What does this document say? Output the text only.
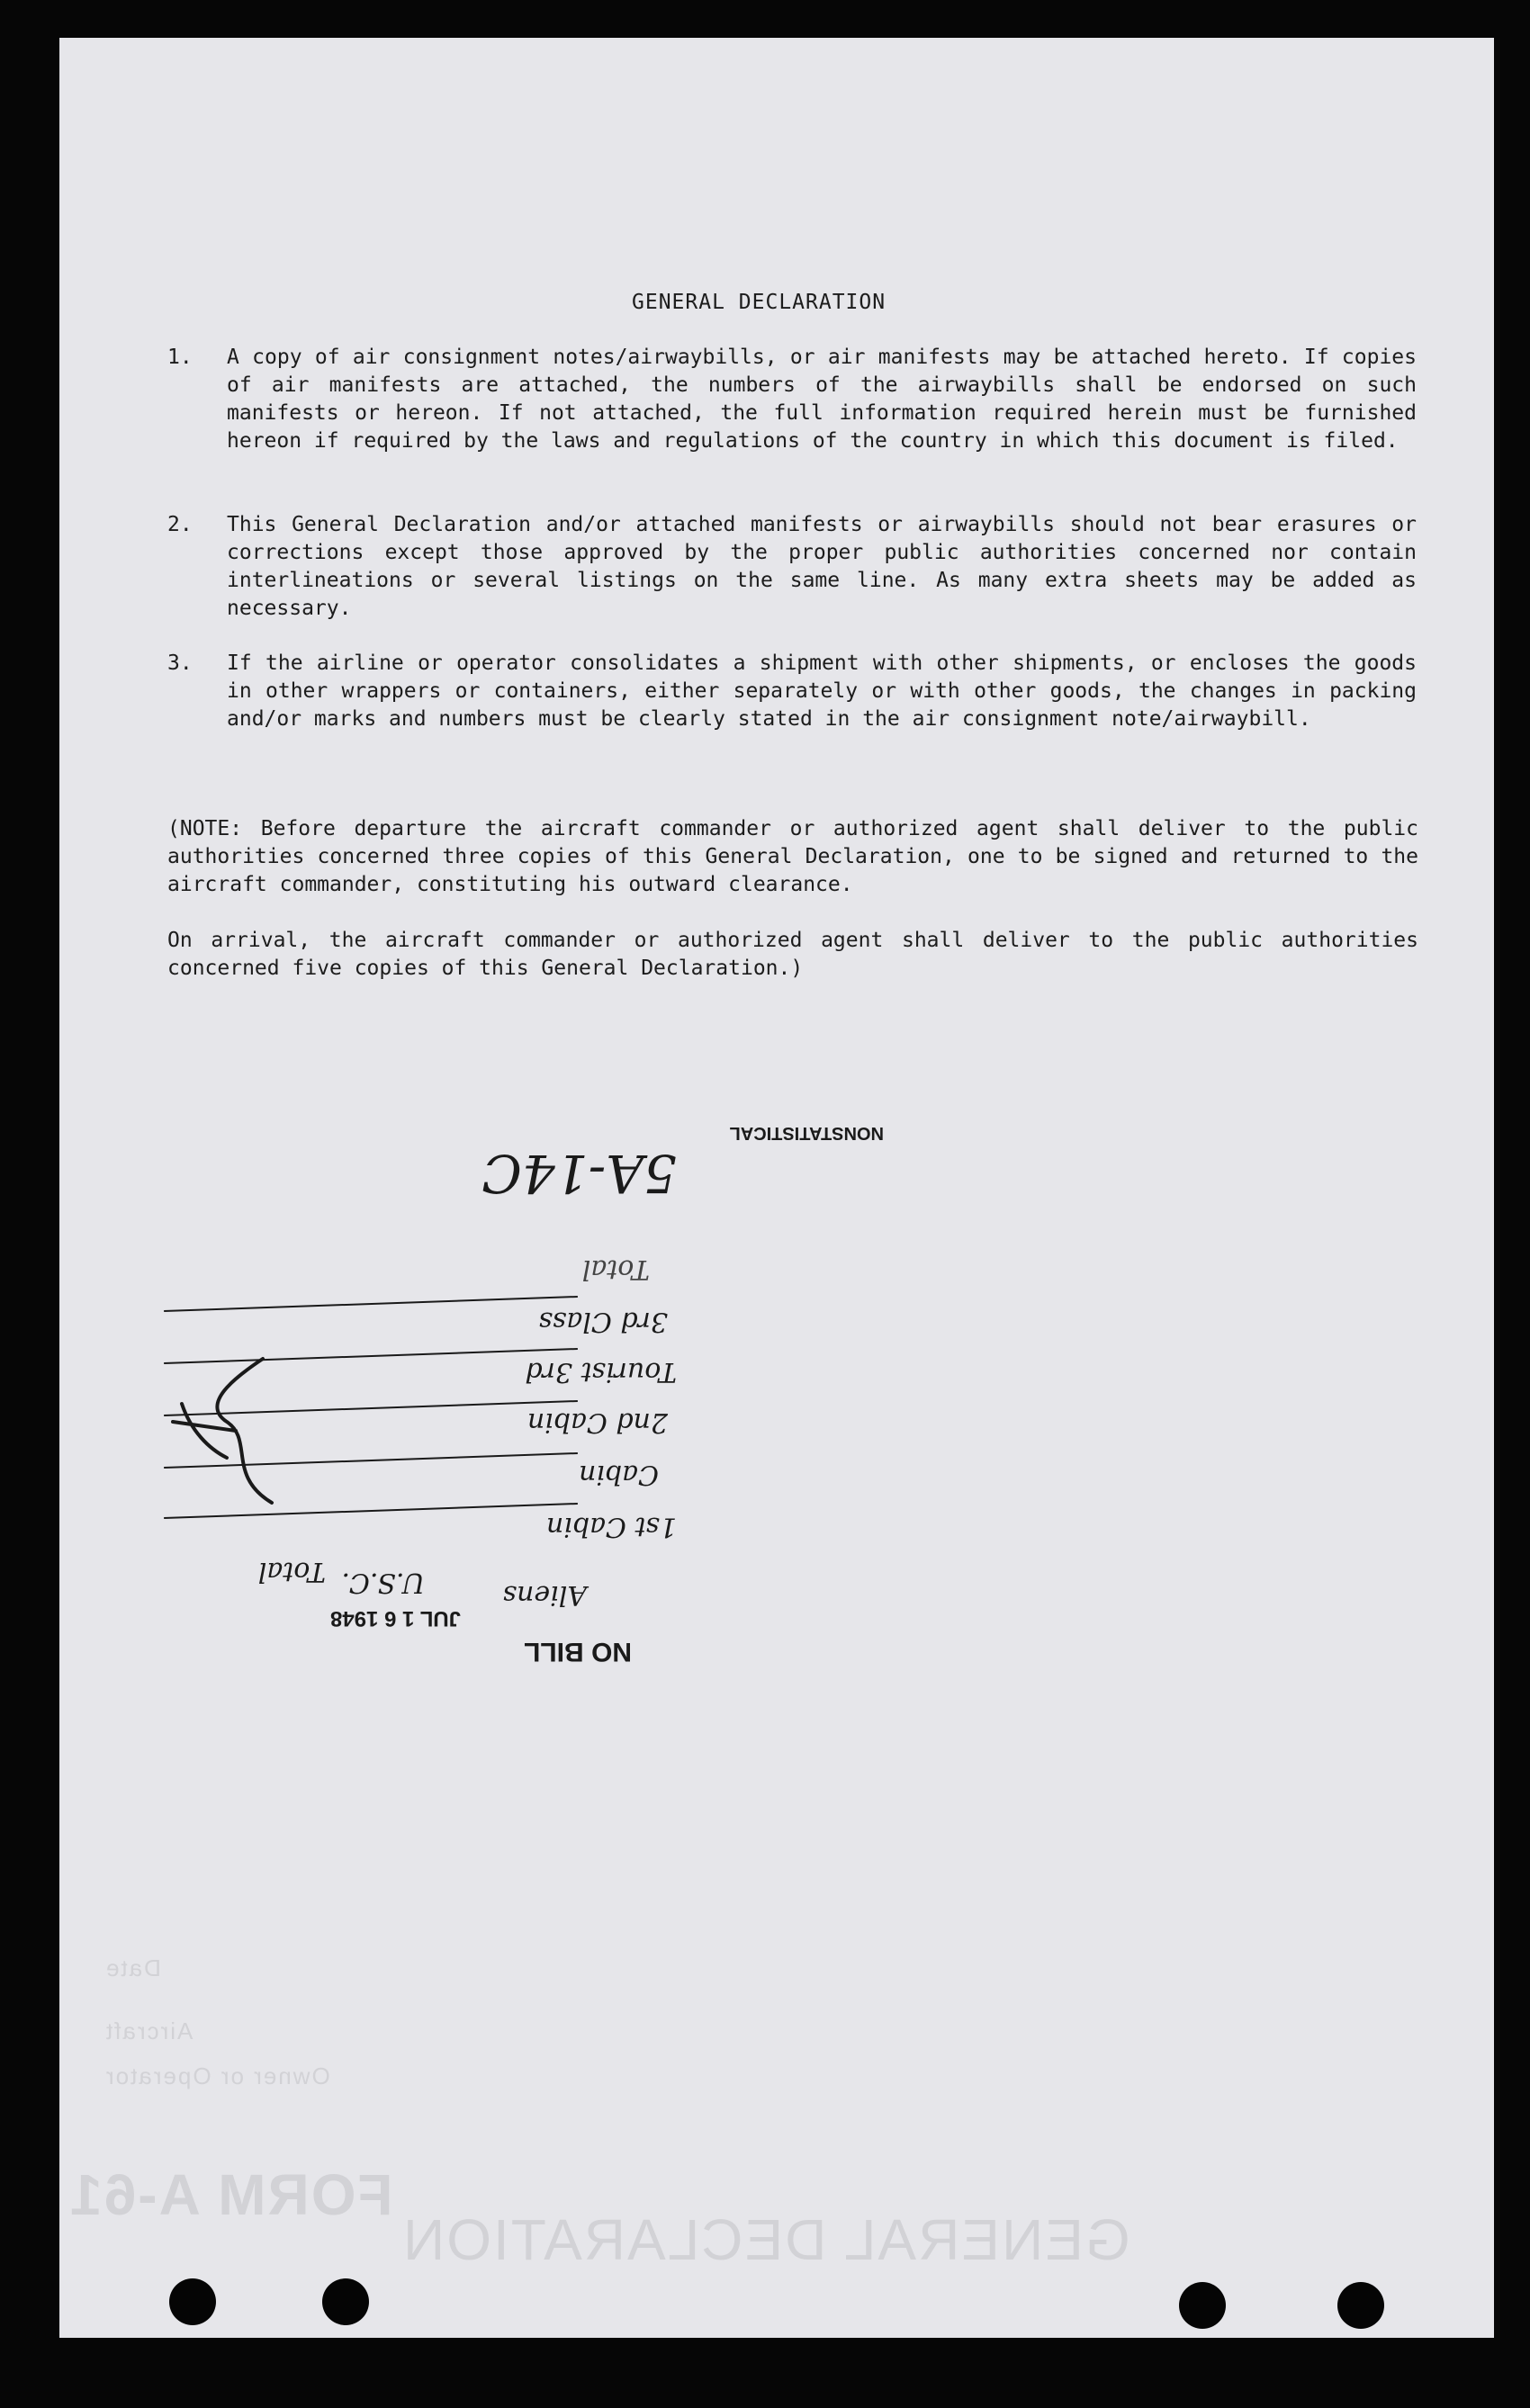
FORM A-61
GENERAL DECLARATION
Owner or Operator
Aircraft
Date
GENERAL DECLARATION
1.	A copy of air consignment notes/airwaybills, or air manifests may be attached hereto. If copies of air manifests are attached, the numbers of the airwaybills shall be endorsed on such manifests or hereon. If not attached, the full information required herein must be furnished hereon if required by the laws and regulations of the country in which this document is filed.
2.	This General Declaration and/or attached manifests or airwaybills should not bear erasures or corrections except those approved by the proper public authorities concerned nor contain interlineations or several listings on the same line. As many extra sheets may be added as necessary.
3.	If the airline or operator consolidates a shipment with other shipments, or encloses the goods in other wrappers or containers, either separately or with other goods, the changes in packing and/or marks and numbers must be clearly stated in the air consignment note/airwaybill.
(NOTE: Before departure the aircraft commander or authorized agent shall deliver to the public authorities concerned three copies of this General Declaration, one to be signed and returned to the aircraft commander, constituting his outward clearance.
On arrival, the aircraft commander or authorized agent shall deliver to the public authorities concerned five copies of this General Declaration.)
NO BILL
JUL 1 6 1948
Aliens
U.S.C.
Total
1st Cabin
Cabin
2nd Cabin
Tourist 3rd
3rd Class
Total
5A-14C
NONSTATISTICAL
